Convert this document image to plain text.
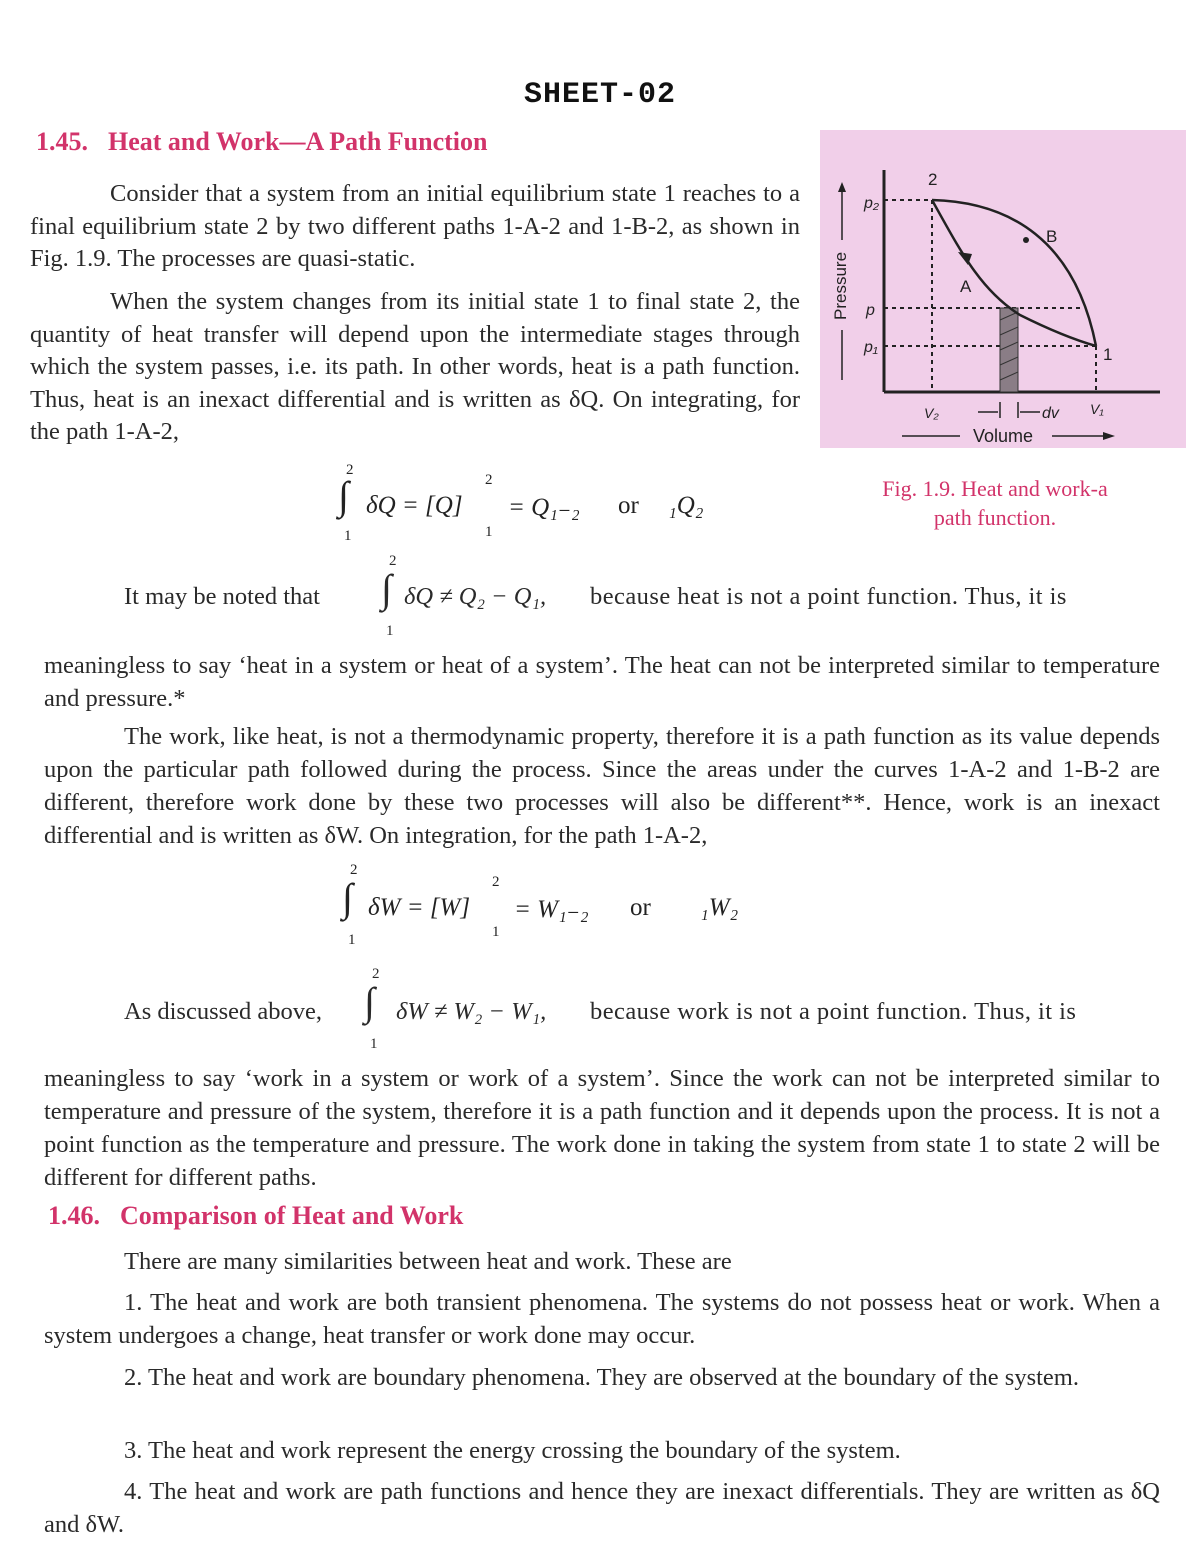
SHEET-02
1.45. Heat and Work—A Path Function
Consider that a system from an initial equilibrium state 1 reaches to a final equilibrium state 2 by two different paths 1-A-2 and 1-B-2, as shown in Fig. 1.9. The processes are quasi-static.
When the system changes from its initial state 1 to final state 2, the quantity of heat transfer will depend upon the intermediate stages through which the system passes, i.e. its path. In other words, heat is a path function. Thus, heat is an inexact differential and is written as δQ. On integrating, for the path 1-A-2,
Pressure
Volume
2
1
B
A
p₂
p
p₁
V₂	V₁
dv
Fig. 1.9. Heat and work-a
path function.
2
∫
1
δQ = [Q]
2
1
= Q₁₋₂ or ₁Q₂
It may be noted that
2
∫
1
δQ ≠ Q₂ − Q₁, because heat is not a point function. Thus, it is
meaningless to say ‘heat in a system or heat of a system’. The heat can not be interpreted similar to temperature and pressure.*
The work, like heat, is not a thermodynamic property, therefore it is a path function as its value depends upon the particular path followed during the process. Since the areas under the curves 1-A-2 and 1-B-2 are different, therefore work done by these two processes will also be different**. Hence, work is an inexact differential and is written as δW. On integration, for the path 1-A-2,
2
∫
1
δW = [W]
2
1
= W₁₋₂ or ₁W₂
As discussed above,
2
∫
1
δW ≠ W₂ − W₁, because work is not a point function. Thus, it is
meaningless to say ‘work in a system or work of a system’. Since the work can not be interpreted similar to temperature and pressure of the system, therefore it is a path function and it depends upon the process. It is not a point function as the temperature and pressure. The work done in taking the system from state 1 to state 2 will be different for different paths.
1.46. Comparison of Heat and Work
There are many similarities between heat and work. These are
1. The heat and work are both transient phenomena. The systems do not possess heat or work. When a system undergoes a change, heat transfer or work done may occur.
2. The heat and work are boundary phenomena. They are observed at the boundary of the system.
3. The heat and work represent the energy crossing the boundary of the system.
4. The heat and work are path functions and hence they are inexact differentials. They are written as δQ and δW.
